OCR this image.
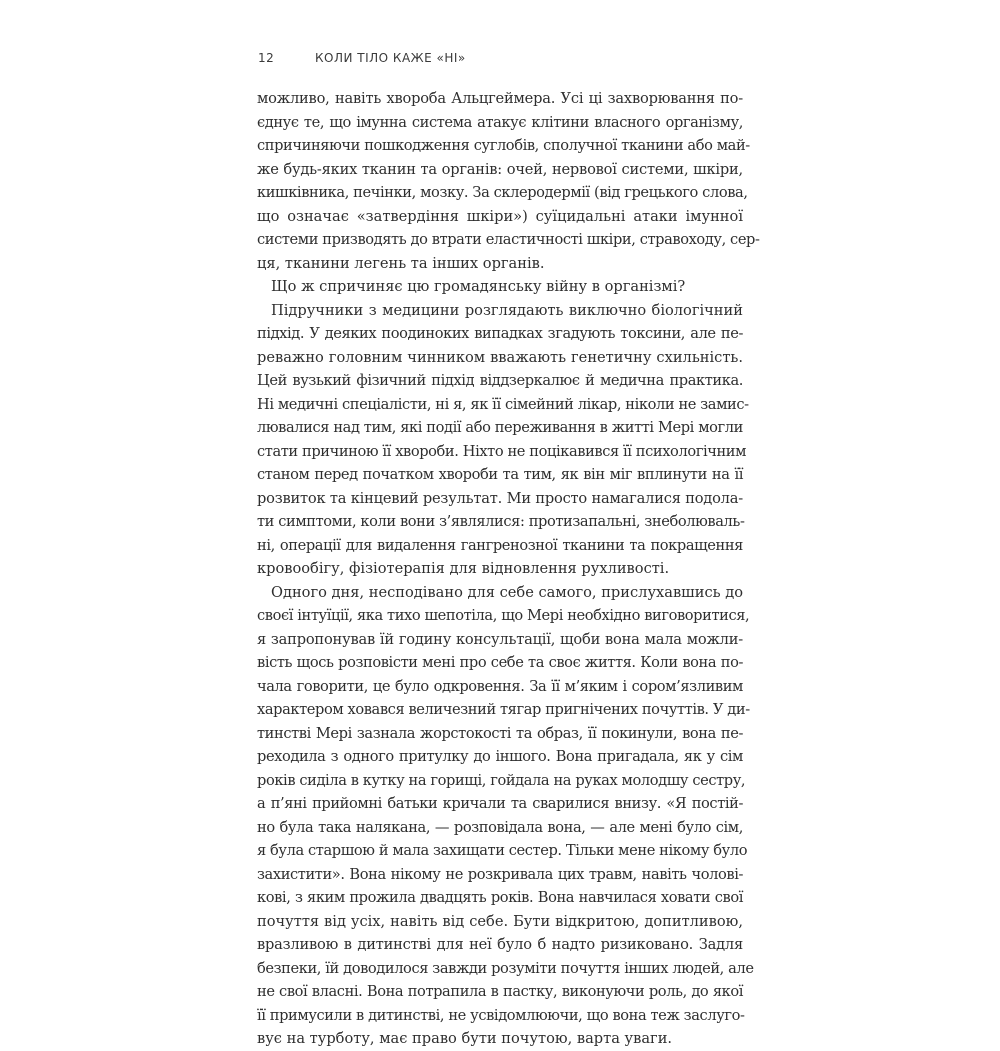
12	КОЛИ ТІЛО КАЖЕ «НІ»
можливо, навіть хвороба Альцгеймера. Усі ці захворювання по-
єднує те, що імунна система атакує клітини власного організму,
спричиняючи пошкодження суглобів, сполучної тканини або май-
же будь-яких тканин та органів: очей, нервової системи, шкіри,
кишківника, печінки, мозку. За склеродермії (від грецького слова,
що означає «затвердіння шкіри») суїцидальні атаки імунної
системи призводять до втрати еластичності шкіри, стравоходу, сер-
ця, тканини легень та інших органів.
Що ж спричиняє цю громадянську війну в організмі?
Підручники з медицини розглядають виключно біологічний
підхід. У деяких поодиноких випадках згадують токсини, але пе-
реважно головним чинником вважають генетичну схильність.
Цей вузький фізичний підхід віддзеркалює й медична практика.
Ні медичні спеціалісти, ні я, як її сімейний лікар, ніколи не замис-
лювалися над тим, які події або переживання в житті Мері могли
стати причиною її хвороби. Ніхто не поцікавився її психологічним
станом перед початком хвороби та тим, як він міг вплинути на її
розвиток та кінцевий результат. Ми просто намагалися подола-
ти симптоми, коли вони з’являлися: протизапальні, знеболюваль-
ні, операції для видалення гангренозної тканини та покращення
кровообігу, фізіотерапія для відновлення рухливості.
Одного дня, несподівано для себе самого, прислухавшись до
своєї інтуїції, яка тихо шепотіла, що Мері необхідно виговоритися,
я запропонував їй годину консультації, щоби вона мала можли-
вість щось розповісти мені про себе та своє життя. Коли вона по-
чала говорити, це було одкровення. За її м’яким і сором’язливим
характером ховався величезний тягар пригнічених почуттів. У ди-
тинстві Мері зазнала жорстокості та образ, її покинули, вона пе-
реходила з одного притулку до іншого. Вона пригадала, як у сім
років сиділа в кутку на горищі, гойдала на руках молодшу сестру,
а п’яні прийомні батьки кричали та сварилися внизу. «Я постій-
но була така налякана, — розповідала вона, — але мені було сім,
я була старшою й мала захищати сестер. Тільки мене нікому було
захистити». Вона нікому не розкривала цих травм, навіть чолові-
кові, з яким прожила двадцять років. Вона навчилася ховати свої
почуття від усіх, навіть від себе. Бути відкритою, допитливою,
вразливою в дитинстві для неї було б надто ризиковано. Задля
безпеки, їй доводилося завжди розуміти почуття інших людей, але
не свої власні. Вона потрапила в пастку, виконуючи роль, до якої
її примусили в дитинстві, не усвідомлюючи, що вона теж заслуго-
вує на турботу, має право бути почутою, варта уваги.
